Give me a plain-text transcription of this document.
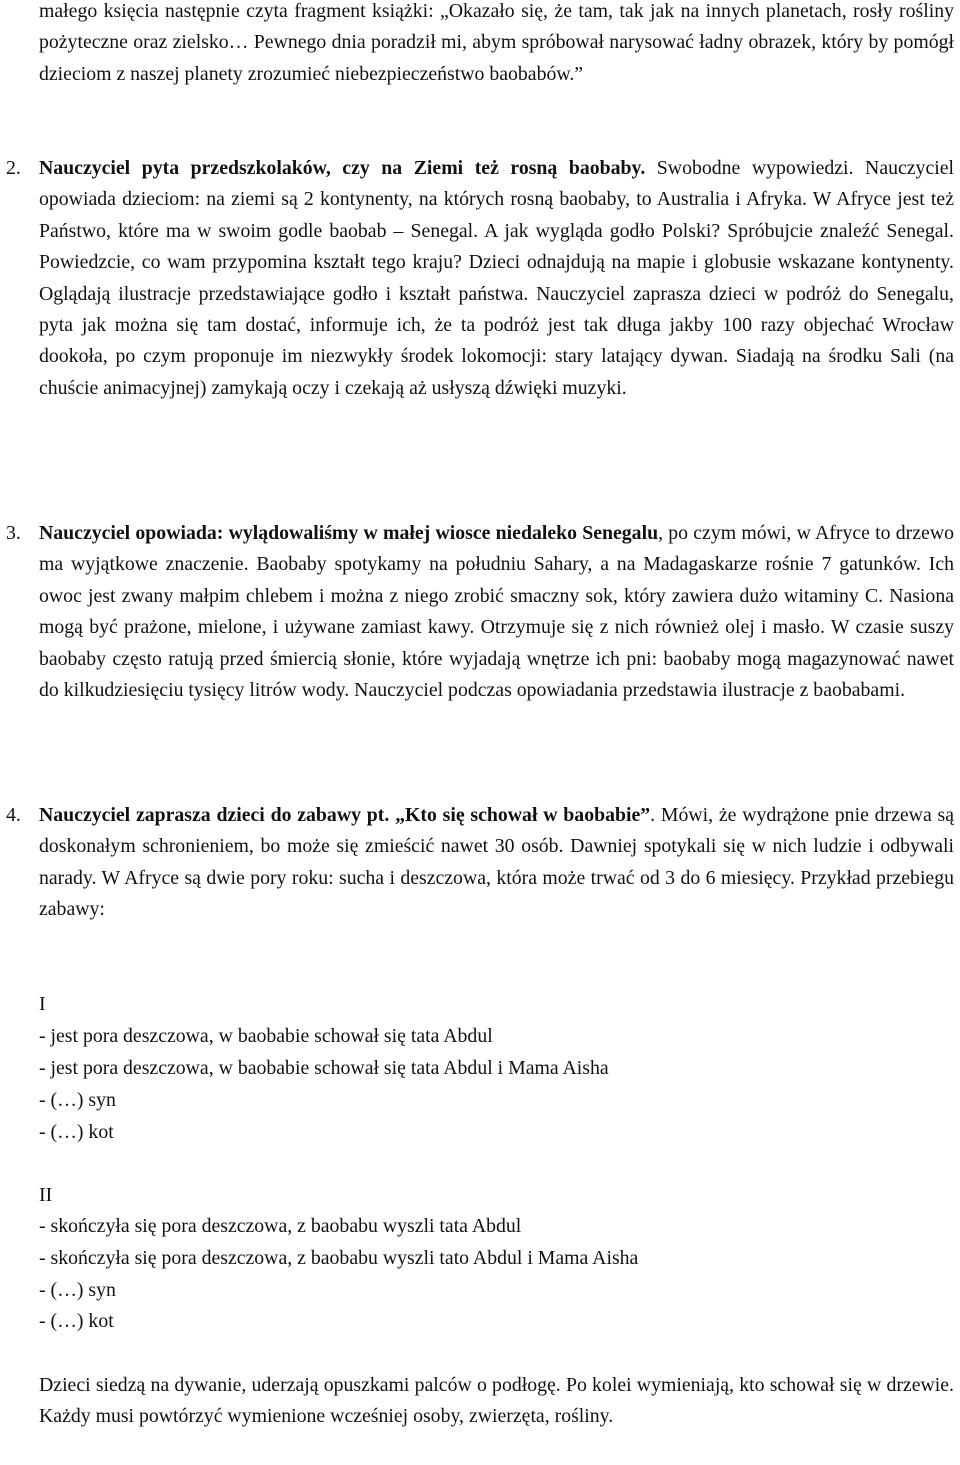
małego księcia następnie czyta fragment książki: „Okazało się, że tam, tak jak na innych planetach, rosły rośliny pożyteczne oraz zielsko… Pewnego dnia poradził mi, abym spróbował narysować ładny obrazek, który by pomógł dzieciom z naszej planety zrozumieć niebezpieczeństwo baobabów.”
2. Nauczyciel pyta przedszkolaków, czy na Ziemi też rosną baobaby. Swobodne wypowiedzi. Nauczyciel opowiada dzieciom: na ziemi są 2 kontynenty, na których rosną baobaby, to Australia i Afryka. W Afryce jest też Państwo, które ma w swoim godle baobab – Senegal. A jak wygląda godło Polski? Spróbujcie znaleźć Senegal. Powiedzcie, co wam przypomina kształt tego kraju? Dzieci odnajdują na mapie i globusie wskazane kontynenty. Oglądają ilustracje przedstawiające godło i kształt państwa. Nauczyciel zaprasza dzieci w podróż do Senegalu, pyta jak można się tam dostać, informuje ich, że ta podróż jest tak długa jakby 100 razy objechać Wrocław dookoła, po czym proponuje im niezwykły środek lokomocji: stary latający dywan. Siadają na środku Sali (na chuście animacyjnej) zamykają oczy i czekają aż usłyszą dźwięki muzyki.
3. Nauczyciel opowiada: wylądowaliśmy w małej wiosce niedaleko Senegalu, po czym mówi, w Afryce to drzewo ma wyjątkowe znaczenie. Baobaby spotykamy na południu Sahary, a na Madagaskarze rośnie 7 gatunków. Ich owoc jest zwany małpim chlebem i można z niego zrobić smaczny sok, który zawiera dużo witaminy C. Nasiona mogą być prażone, mielone, i używane zamiast kawy. Otrzymuje się z nich również olej i masło. W czasie suszy baobaby często ratują przed śmiercią słonie, które wyjadają wnętrze ich pni: baobaby mogą magazynować nawet do kilkudziesięciu tysięcy litrów wody. Nauczyciel podczas opowiadania przedstawia ilustracje z baobabami.
4. Nauczyciel zaprasza dzieci do zabawy pt. „Kto się schował w baobabie”. Mówi, że wydrążone pnie drzewa są doskonałym schronieniem, bo może się zmieścić nawet 30 osób. Dawniej spotykali się w nich ludzie i odbywali narady. W Afryce są dwie pory roku: sucha i deszczowa, która może trwać od 3 do 6 miesięcy. Przykład przebiegu zabawy:
I
- jest pora deszczowa, w baobabie schował się tata Abdul
- jest pora deszczowa, w baobabie schował się tata Abdul i Mama Aisha
- (…) syn
- (…) kot
II
- skończyła się pora deszczowa, z baobabu wyszli tata Abdul
- skończyła się pora deszczowa, z baobabu wyszli tato Abdul i Mama Aisha
- (…) syn
- (…) kot
Dzieci siedzą na dywanie, uderzają opuszkami palców o podłogę. Po kolei wymieniają, kto schował się w drzewie. Każdy musi powtórzyć wymienione wcześniej osoby, zwierzęta, rośliny.
